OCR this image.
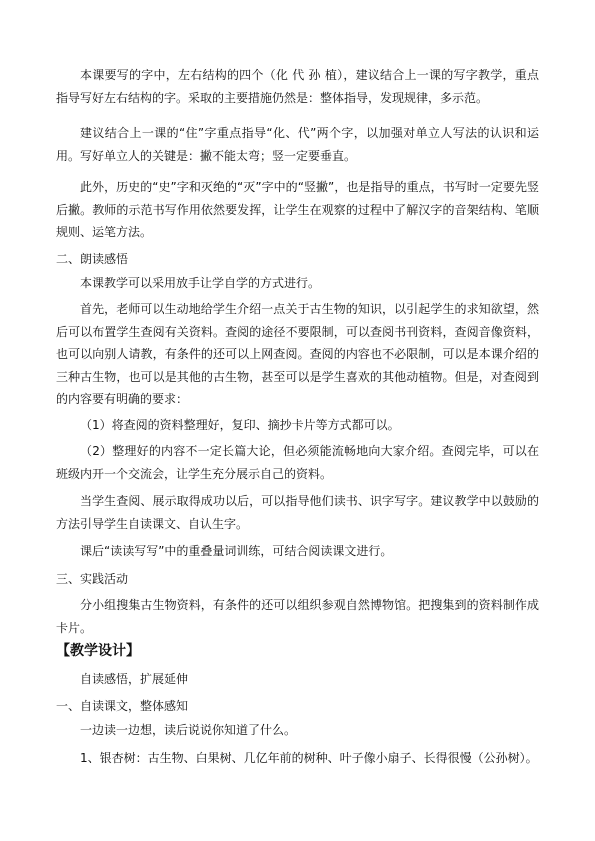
本课要写的字中，左右结构的四个（化 代 孙 植），建议结合上一课的写字教学，重点指导写好左右结构的字。采取的主要措施仍然是：整体指导，发现规律，多示范。

建议结合上一课的“住”字重点指导“化、代”两个字，以加强对单立人写法的认识和运用。写好单立人的关键是：撇不能太弯；竖一定要垂直。

此外，历史的“史”字和灭绝的“灭”字中的“竖撇”，也是指导的重点，书写时一定要先竖后撇。教师的示范书写作用依然要发挥，让学生在观察的过程中了解汉字的音架结构、笔顺规则、运笔方法。

二、朗读感悟

本课教学可以采用放手让学自学的方式进行。

首先，老师可以生动地给学生介绍一点关于古生物的知识，以引起学生的求知欲望，然后可以布置学生查阅有关资料。查阅的途径不要限制，可以查阅书刊资料，查阅音像资料，也可以向别人请教，有条件的还可以上网查阅。查阅的内容也不必限制，可以是本课介绍的三种古生物，也可以是其他的古生物，甚至可以是学生喜欢的其他动植物。但是，对查阅到的内容要有明确的要求：

（1）将查阅的资料整理好，复印、摘抄卡片等方式都可以。

（2）整理好的内容不一定长篇大论，但必须能流畅地向大家介绍。查阅完毕，可以在班级内开一个交流会，让学生充分展示自己的资料。

当学生查阅、展示取得成功以后，可以指导他们读书、识字写字。建议教学中以鼓励的方法引导学生自读课文、自认生字。

课后“读读写写”中的重叠量词训练，可结合阅读课文进行。

三、实践活动

分小组搜集古生物资料，有条件的还可以组织参观自然博物馆。把搜集到的资料制作成卡片。

【教学设计】

自读感悟，扩展延伸

一、自读课文，整体感知

一边读一边想，读后说说你知道了什么。

1、银杏树：古生物、白果树、几亿年前的树种、叶子像小扇子、长得很慢（公孙树）。
